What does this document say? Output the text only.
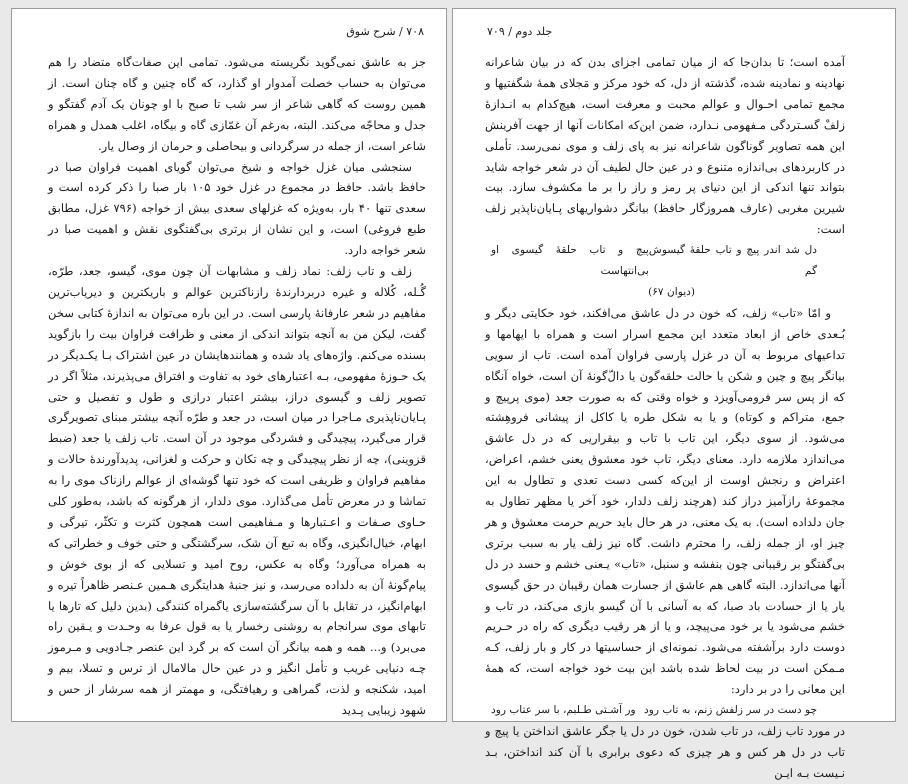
۷۰۸ / شرح شوق

جز به عاشق نمی‌گوید نگریسته می‌شود. تمامی این صفات‌گاه متضاد را هم می‌توان به حساب خصلت آمدوار او گذارد، که گاه چنین و گاه چنان است. از همین روست که گاهی شاعر از سر شب تا صبح با او چونان یک آدم گفتگو و جدل و محاجّه می‌کند. البته، به‌رغم آن غمّازی گاه و بیگاه، اغلب همدل و همراه شاعر است، از جمله در سرگردانی و بیحاصلی و حرمان از وصال یار.

سنجشی میان غزل خواجه و شیخ می‌توان گویای اهمیت فراوان صبا در حافظ باشد. حافظ در مجموع در غزل خود ۱۰۵ بار صبا را ذکر کرده است و سعدی تنها ۴۰ بار، به‌ویژه که غزلهای سعدی بیش از خواجه (۷۹۶ غزل، مطابق طبع فروغی) است، و این نشان از برتری بی‌گفتگوی نقش و اهمیت صبا در شعر خواجه دارد.

زلف و تاب زلف: نماد زلف و مشابهات آن چون موی، گیسو، جعد، طرّه، گُـله، کُلاله و غیره دربردارندهٔ رازناکترین عوالم و باریکترین و دیریاب‌ترین مفاهیم در شعر عارفانهٔ پارسی است. در این باره می‌توان به اندازهٔ کتابی سخن گفت، لیکن من به آنچه بتواند اندکی از معنی و ظرافت فراوان بیت را بازگوید بسنده می‌کنم. واژه‌های یاد شده و همانندهایشان در عین اشتراک بـا یکـدیگر در یک حـوزهٔ مفهومی، بـه اعتبارهای خود به تفاوت و افتراق می‌پذیرند، مثلاً اگر در تصویر زلف و گیسوی دراز، بیشتر اعتبار درازی و طول و تفصیل و حتی پـایان‌ناپذیری مـاجرا در میان است، در جعد و طرّه آنچه بیشتر مبنای تصویرگری قرار می‌گیرد، پیچیدگی و فشردگی موجود در آن است. تاب زلف یا جعد (ضبط قزوینی)، چه از نظر پیچیدگی و چه تکان و حرکت و لغزانی، پدیدآورندهٔ حالات و مفاهیم فراوان و ظریفی است که خود تنها گوشه‌ای از عوالم رازناک موی را به تماشا و در معرض تأمل می‌گذارد. موی دلدار، از هرگونه که باشد، به‌طور کلی حـاوی صـفات و اعـتبارها و مـفاهیمی است همچون کثرت و تکثّر، تیرگی و ابهام، خیال‌انگیزی، وگاه به تبع آن شک، سرگشتگی و حتی خوف و خطراتی که به همراه می‌آورد؛ وگاه به عکس، روح امید و تسلایی که از بوی خوش و پیام‌گونهٔ آن به دلداده می‌رسد، و نیز جنبهٔ هدایتگری هـمین عـنصر ظاهراً تیره و ابهام‌انگیز، در تقابل با آن سرگشته‌سازی یاگمراه کنندگی (بدین دلیل که تارها یا تابهای موی سرانجام به روشنی رخسار یا به قول عرفا به وحـدت و یـقین راه می‌برد) و... همه و همه بیانگر آن است که بر گرد این عنصر جـادویی و مـرموز چـه دنیایی غریب و تأمل انگیز و در عین حال مالامال از ترس و تسلا، بیم و امید، شکنجه و لذت، گمراهی و رهیافتگی، و مهمتر از همه سرشار از حس و شهود زیبایی پـدید

جلد دوم / ۷۰۹

آمده است؛ تا بدان‌جا که از میان تمامی اجزای بدن که در بیان شاعرانه نهادینه و نمادینه شده، گذشته از دل، که خود مرکز و مَجلای همهٔ شگفتیها و مجمع تمامی احـوال و عوالم محبت و معرفت است، هیچ‌کدام به انـدازهٔ زلفْ گسـتردگی مـفهومی نـدارد، ضمن این‌که امکانات آنها از جهت آفرینش این همه تصاویر گوناگون شاعرانه نیز به پای زلف و موی نمی‌رسد. تأملی در کاربردهای بی‌اندازه متنوع و در عین حال لطیف آن در شعر خواجه شاید بتواند تنها اندکی از این دنیای پر رمز و راز را بر ما مکشوف سازد. بیت شیرین مغربی (عارف همروزگار حافظ) بیانگر دشواریهای پـایان‌ناپذیر زلف است:

دل شد اندر پیچ و تاب حلقهٔ گیسوش گم
پیچ و تاب حلقهٔ گیسوی او بی‌انتهاست
(دیوان ۶۷)

و امّا «تاب» زلف، که خون در دل عاشق می‌افکند، خود حکایتی دیگر و بُـعدی خاص از ابعاد متعدد این مجمع اسرار است و همراه با ایهامها و تداعیهای مربوط به آن در غزل پارسی فراوان آمده است. تاب از سویی بیانگر پیچ و چین و شکن یا حالت حلقه‌گون یا دالّ‌گونهٔ آن است، خواه آنگاه که از پس سر فرومی‌آویزد و خواه وقتی که به صورت جعد (موی پرپیچ و جمع، متراکم و کوتاه) و یا به شکل طره یا کاکل از پیشانی فروهِشته می‌شود. از سوی دیگر، این تاب با تاب و بیقراریی که در دل عاشق می‌اندازد ملازمه دارد. معنای دیگر، تاب خود معشوق یعنی خشم، اعراض، اعتراض و رنجش اوست از این‌که کسی دست تعدی و تطاول به این مجموعهٔ رازآمیز دراز کند (هرچند زلف دلدار، خود آخر یا مظهر تطاول به جان دلداده است). به یک معنی، در هر حال باید حریم حرمت معشوق و هر چیز او، از جمله زلف، را محترم داشت. گاه نیز زلف یار به سبب برتری بی‌گفتگو بر رقیبانی چون بنفشه و سنبل، «تاب» یـعنی خشم و حسد در دل آنها می‌اندازد. البته گاهی هم عاشق از جسارت همان رقیبان در حق گیسوی یار یا از حسادت باد صبا، که به آسانی با آن گیسو بازی می‌کند، در تاب و خشم می‌شود یا بر خود می‌پیچد، و یا از هر رقیب دیگری که راه در حـریم دوست دارد برآشفته می‌شود. نمونه‌ای از حساسیتها در کار و بار زلف، کـه مـمکن است در بیت لحاظ شده باشد این بیت خود خواجه است، که همهٔ این معانی را در بر دارد:

چو دست در سر زلفش زنم، به تاب رود
ور آشـتی طـلبم، با سر عتاب رود

در مورد تاب زلف، در تاب شدن، خون در دل یا جگر عاشق انداختن یا پیچ و تاب در دل هر کس و هر چیزی که دعوی برابری با آن کند انداختن، بـد نـیست بـه ایـن
